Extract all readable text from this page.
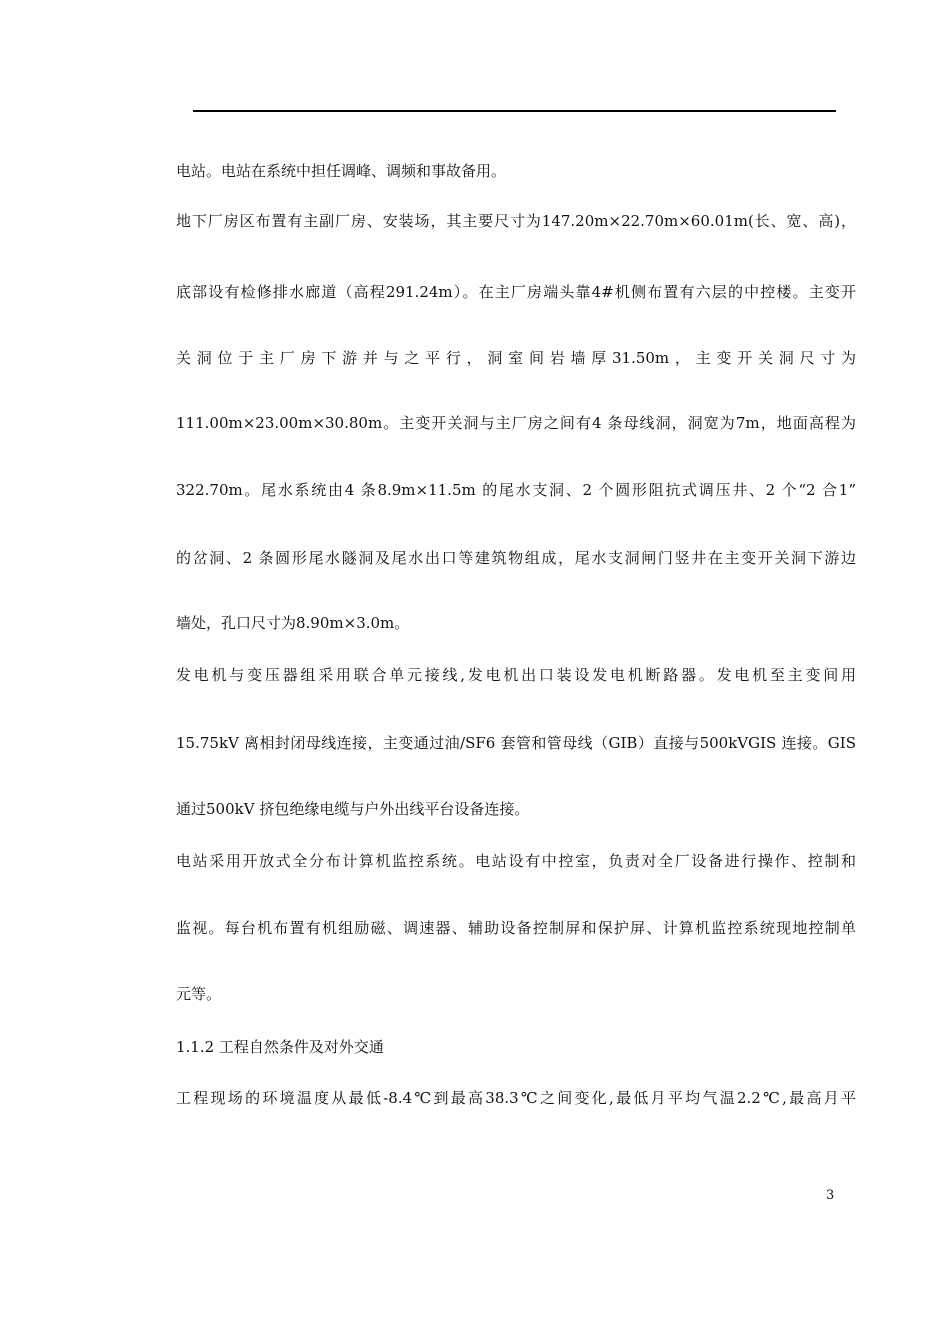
电站。电站在系统中担任调峰、调频和事故备用。
地下厂房区布置有主副厂房、安装场，其主要尺寸为147.20m×22.70m×60.01m(长、宽、高)，
底部设有检修排水廊道（高程291.24m）。在主厂房端头靠4#机侧布置有六层的中控楼。主变开
关洞位于主厂房下游并与之平行，洞室间岩墙厚31.50m，主变开关洞尺寸为
111.00m×23.00m×30.80m。主变开关洞与主厂房之间有4 条母线洞，洞宽为7m，地面高程为
322.70m。尾水系统由4 条8.9m×11.5m 的尾水支洞、2 个圆形阻抗式调压井、2 个“2 合1”
的岔洞、2 条圆形尾水隧洞及尾水出口等建筑物组成，尾水支洞闸门竖井在主变开关洞下游边
墙处，孔口尺寸为8.90m×3.0m。
发电机与变压器组采用联合单元接线,发电机出口装设发电机断路器。发电机至主变间用
15.75kV 离相封闭母线连接，主变通过油/SF6 套管和管母线（GIB）直接与500kVGIS 连接。GIS
通过500kV 挤包绝缘电缆与户外出线平台设备连接。
电站采用开放式全分布计算机监控系统。电站设有中控室，负责对全厂设备进行操作、控制和
监视。每台机布置有机组励磁、调速器、辅助设备控制屏和保护屏、计算机监控系统现地控制单
元等。
1.1.2 工程自然条件及对外交通
工程现场的环境温度从最低-8.4℃到最高38.3℃之间变化,最低月平均气温2.2℃,最高月平
3
